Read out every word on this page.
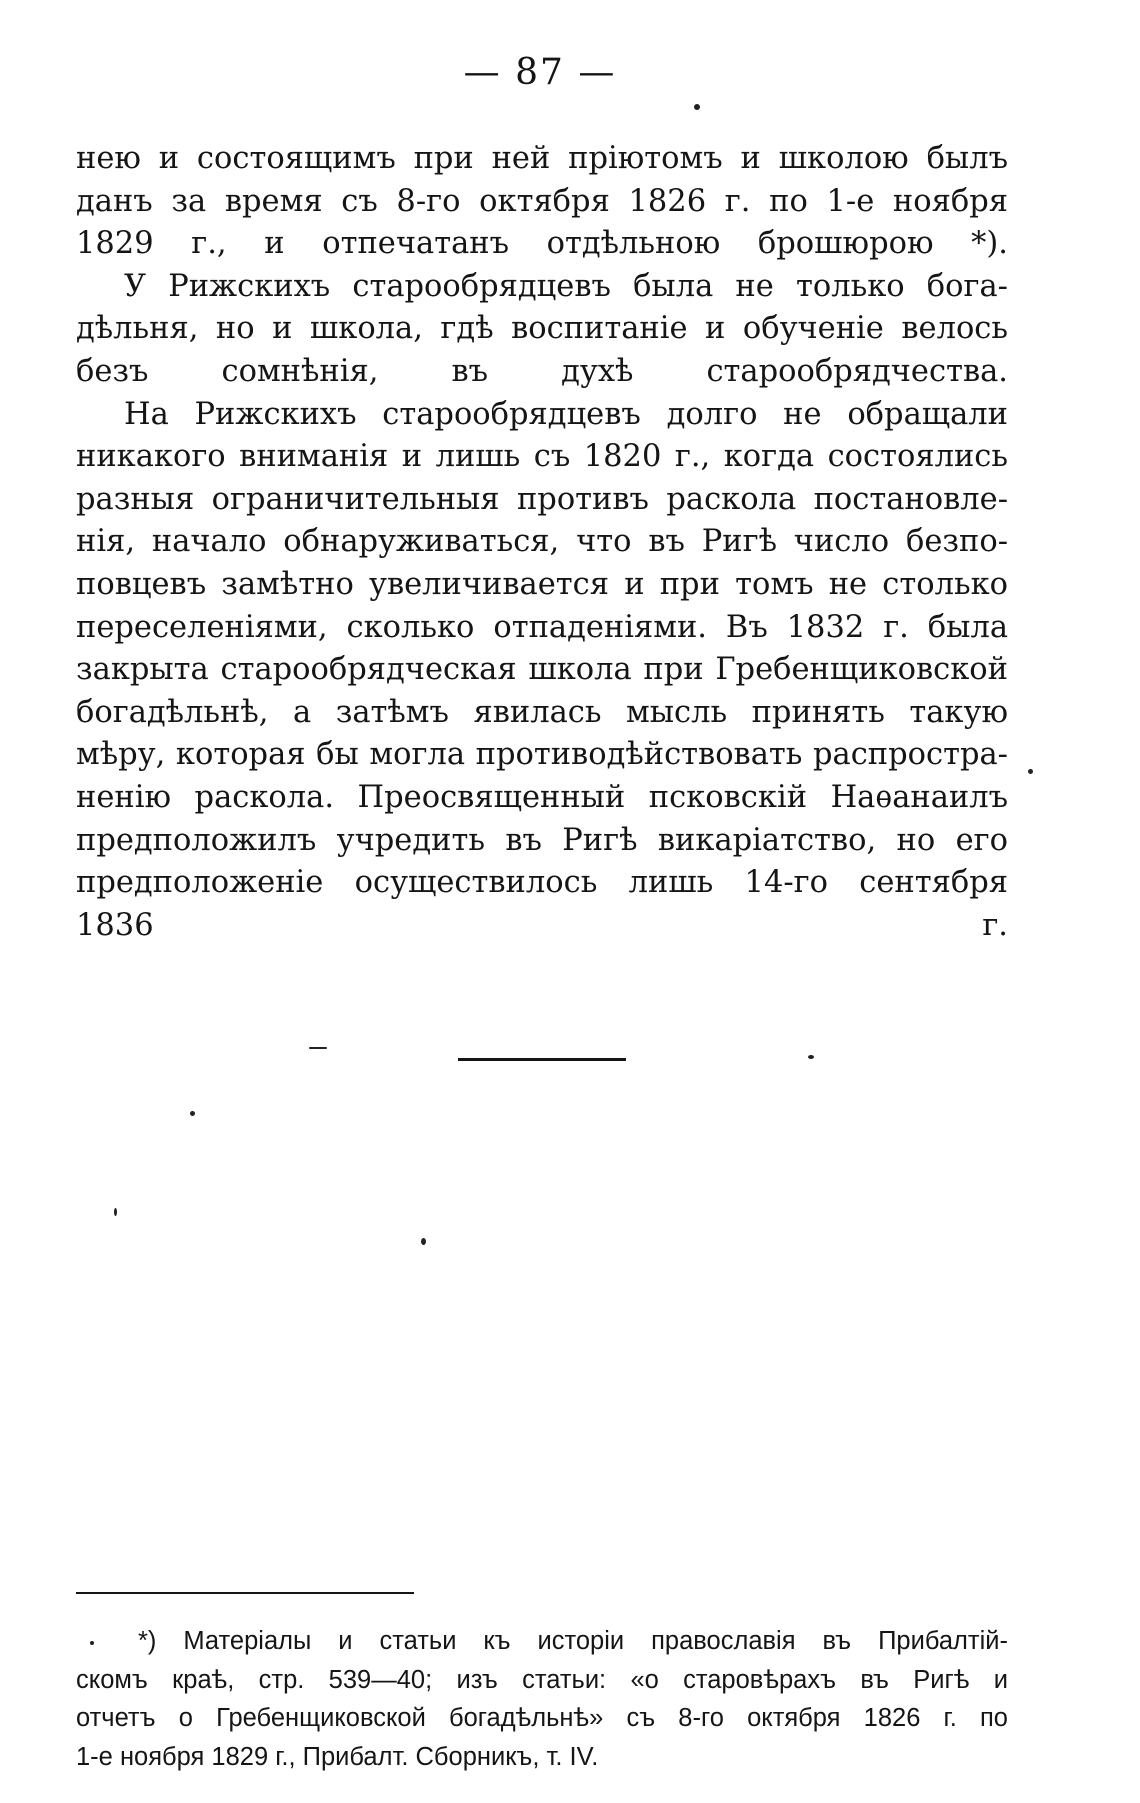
— 87 —
нею и состоящимъ при ней пріютомъ и школою былъ
данъ за время съ 8-го октября 1826 г. по 1-е ноября
1829 г., и отпечатанъ отдѣльною брошюрою *).
У Рижскихъ старообрядцевъ была не только бога-
дѣльня, но и школа, гдѣ воспитаніе и обученіе велось
безъ сомнѣнія, въ духѣ старообрядчества.
На Рижскихъ старообрядцевъ долго не обращали
никакого вниманія и лишь съ 1820 г., когда состоялись
разныя ограничительныя противъ раскола постановле-
нія, начало обнаруживаться, что въ Ригѣ число безпо-
повцевъ замѣтно увеличивается и при томъ не столько
переселеніями, сколько отпаденіями. Въ 1832 г. была
закрыта старообрядческая школа при Гребенщиковской
богадѣльнѣ, а затѣмъ явилась мысль принять такую
мѣру, которая бы могла противодѣйствовать распростра-
ненію раскола. Преосвященный псковскій Наѳанаилъ
предположилъ учредить въ Ригѣ викаріатство, но его
предположеніе осуществилось лишь 14-го сентября
1836 г.
*) Матеріалы и статьи къ исторіи православія въ Прибалтій-
скомъ краѣ, стр. 539—40; изъ статьи: «о старовѣрахъ въ Ригѣ и
отчетъ о Гребенщиковской богадѣльнѣ» съ 8-го октября 1826 г. по
1-е ноября 1829 г., Прибалт. Сборникъ, т. IV.
